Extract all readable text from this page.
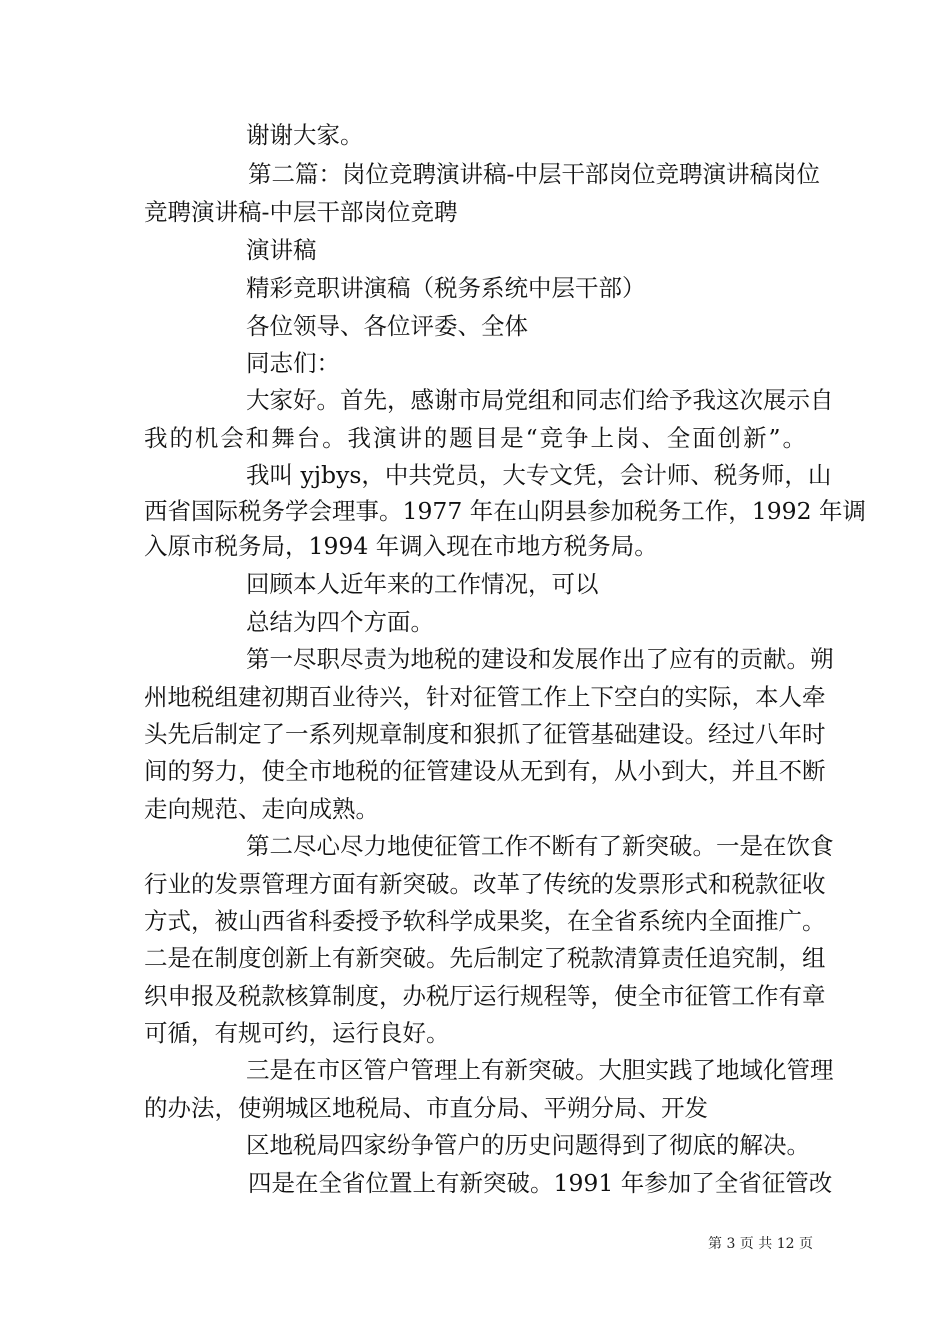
谢谢大家。
第二篇：岗位竞聘演讲稿-中层干部岗位竞聘演讲稿岗位
竞聘演讲稿-中层干部岗位竞聘
演讲稿
精彩竞职讲演稿（税务系统中层干部）
各位领导、各位评委、全体
同志们：
大家好。首先，感谢市局党组和同志们给予我这次展示自
我的机会和舞台。我演讲的题目是“竞争上岗、全面创新”。
我叫 yjbys，中共党员，大专文凭，会计师、税务师，山
西省国际税务学会理事。1977 年在山阴县参加税务工作，1992 年调
入原市税务局，1994 年调入现在市地方税务局。
回顾本人近年来的工作情况，可以
总结为四个方面。
第一尽职尽责为地税的建设和发展作出了应有的贡献。朔
州地税组建初期百业待兴，针对征管工作上下空白的实际，本人牵
头先后制定了一系列规章制度和狠抓了征管基础建设。经过八年时
间的努力，使全市地税的征管建设从无到有，从小到大，并且不断
走向规范、走向成熟。
第二尽心尽力地使征管工作不断有了新突破。一是在饮食
行业的发票管理方面有新突破。改革了传统的发票形式和税款征收
方式，被山西省科委授予软科学成果奖，在全省系统内全面推广。
二是在制度创新上有新突破。先后制定了税款清算责任追究制，组
织申报及税款核算制度，办税厅运行规程等，使全市征管工作有章
可循，有规可约，运行良好。
三是在市区管户管理上有新突破。大胆实践了地域化管理
的办法，使朔城区地税局、市直分局、平朔分局、开发
区地税局四家纷争管户的历史问题得到了彻底的解决。
四是在全省位置上有新突破。1991 年参加了全省征管改
第 3 页 共 12 页
